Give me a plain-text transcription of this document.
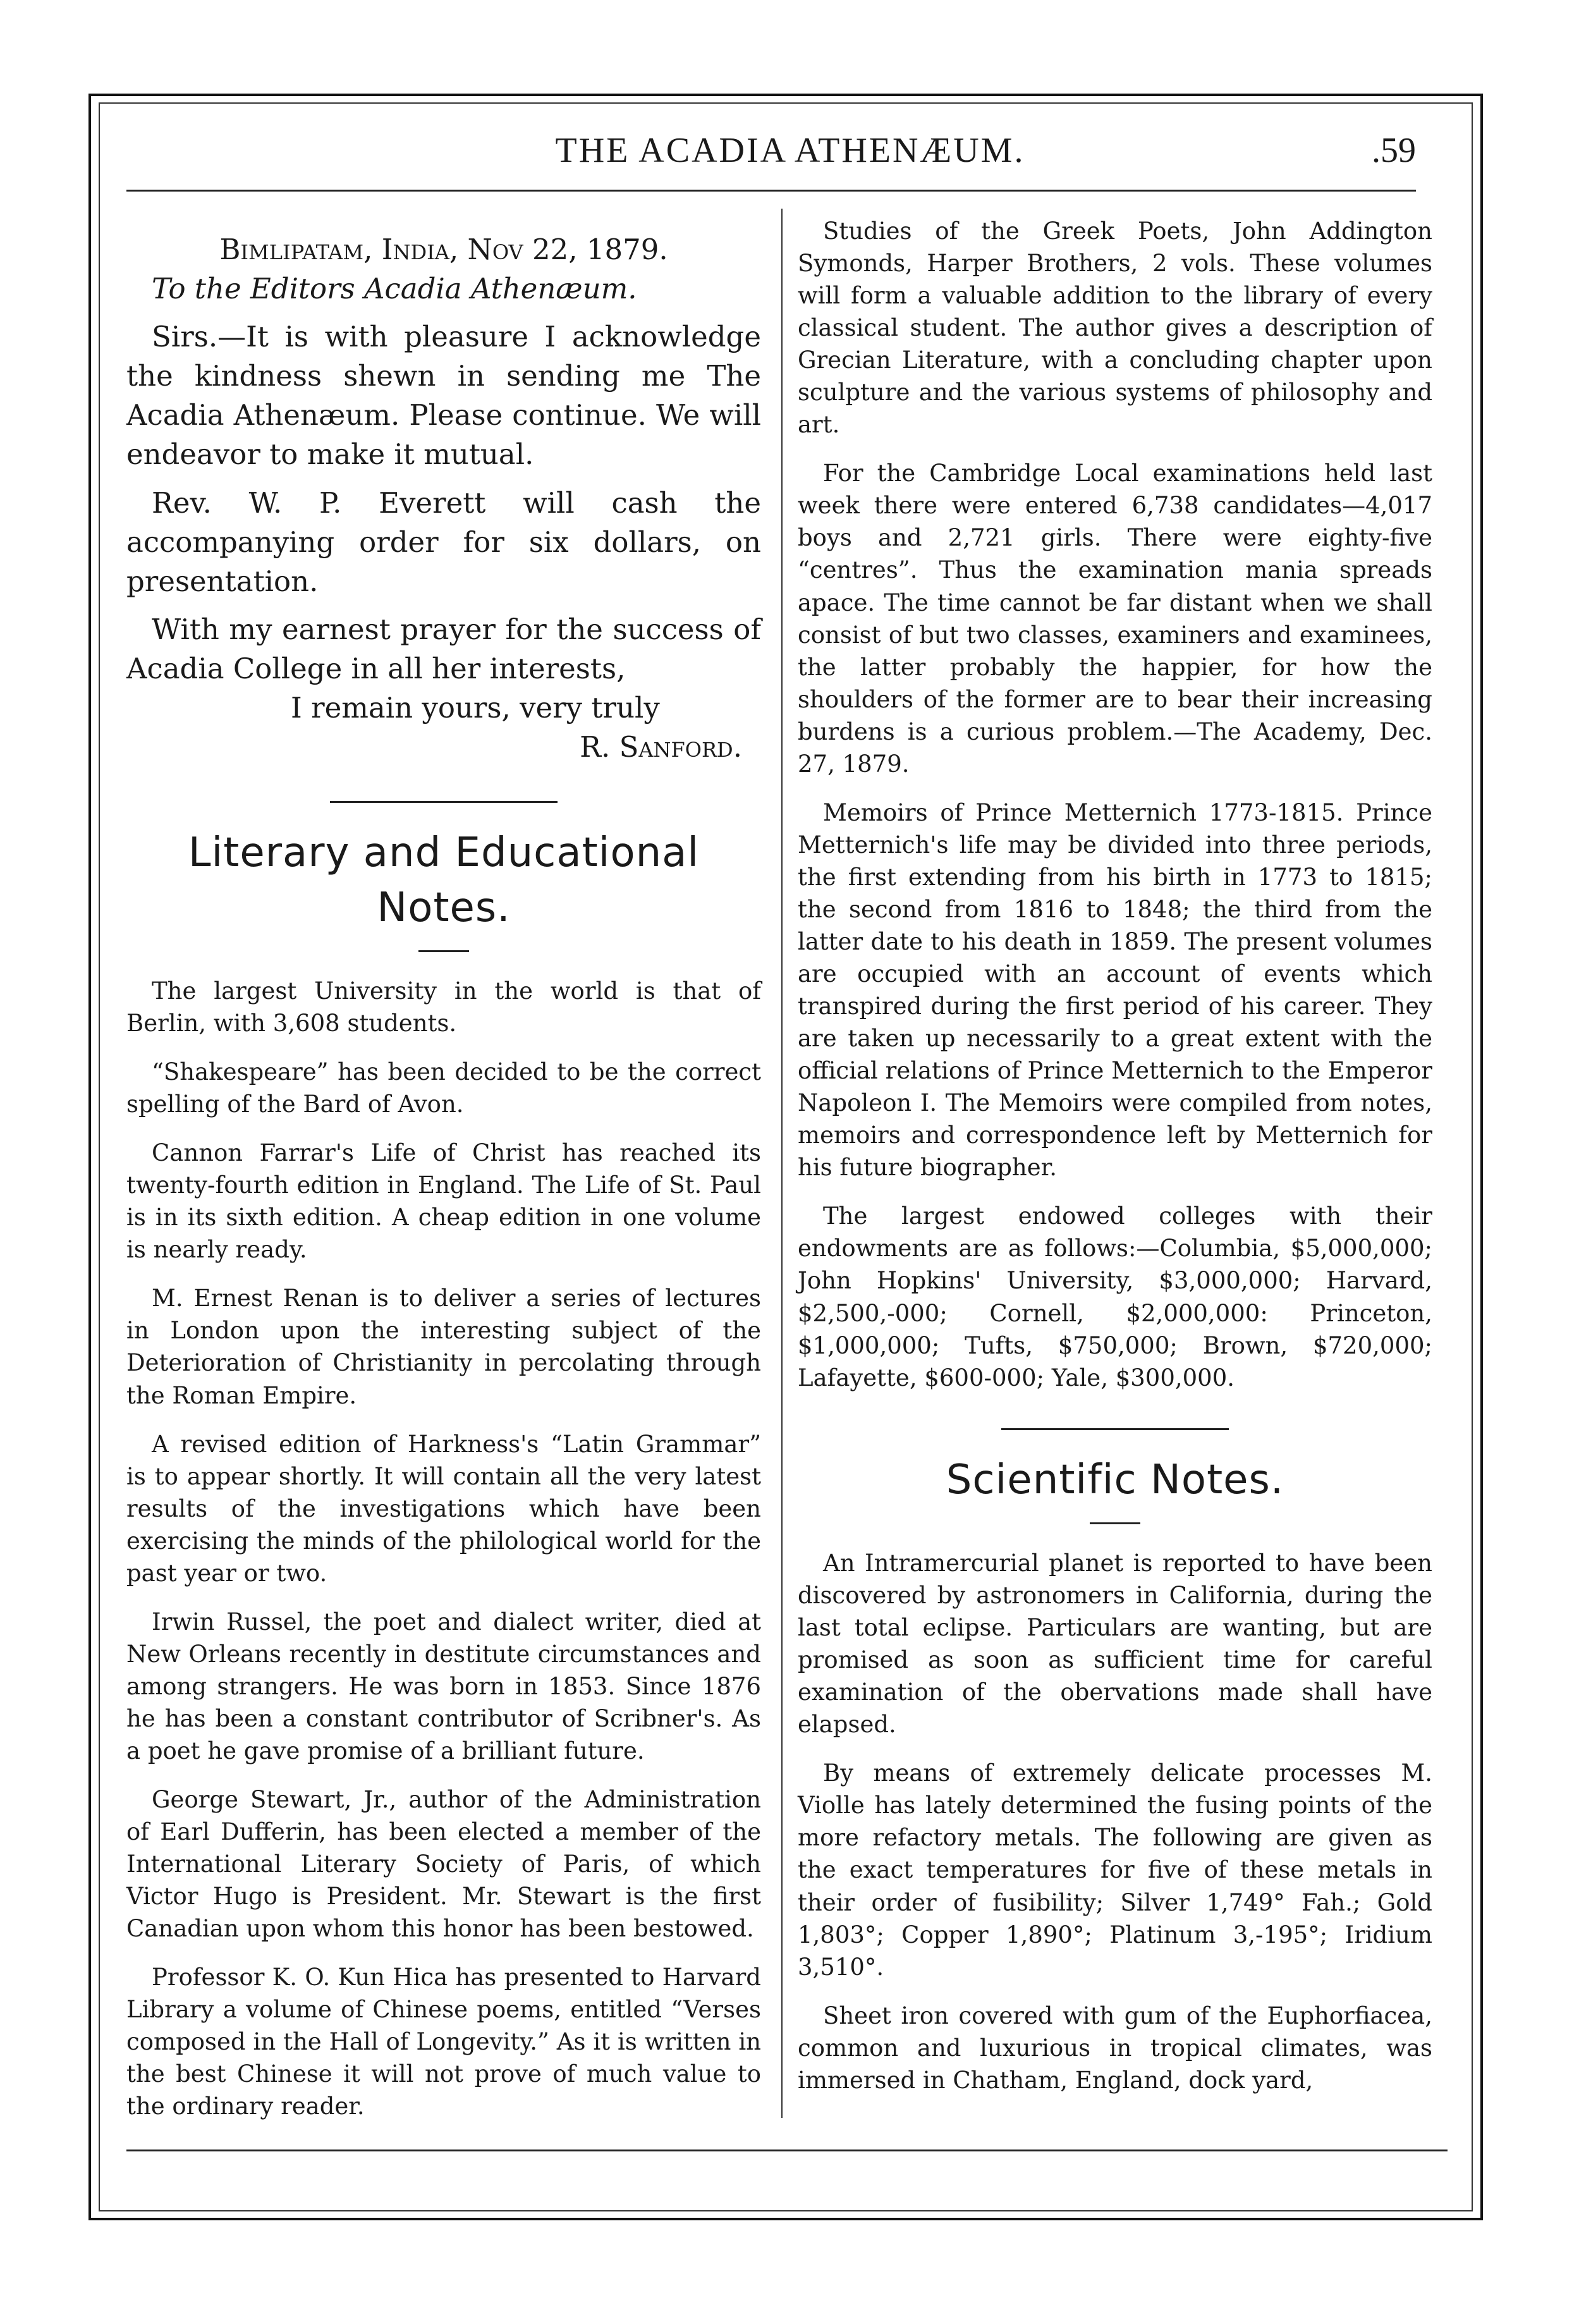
THE ACADIA ATHENÆUM.	.59

Bimlipatam, India, Nov 22, 1879.

To the Editors Acadia Athenæum.

Sirs.—It is with pleasure I acknowledge the kindness shewn in sending me The Acadia Athenæum. Please continue. We will endeavor to make it mutual.

Rev. W. P. Everett will cash the accompanying order for six dollars, on presentation.

With my earnest prayer for the success of Acadia College in all her interests,

I remain yours, very truly

R. Sanford.

Literary and Educational
Notes.

The largest University in the world is that of Berlin, with 3,608 students.

“Shakespeare” has been decided to be the correct spelling of the Bard of Avon.

Cannon Farrar's Life of Christ has reached its twenty-fourth edition in England. The Life of St. Paul is in its sixth edition. A cheap edition in one volume is nearly ready.

M. Ernest Renan is to deliver a series of lectures in London upon the interesting subject of the Deterioration of Christianity in percolating through the Roman Empire.

A revised edition of Harkness's “Latin Grammar” is to appear shortly. It will contain all the very latest results of the investigations which have been exercising the minds of the philological world for the past year or two.

Irwin Russel, the poet and dialect writer, died at New Orleans recently in destitute circumstances and among strangers. He was born in 1853. Since 1876 he has been a constant contributor of Scribner's. As a poet he gave promise of a brilliant future.

George Stewart, Jr., author of the Administration of Earl Dufferin, has been elected a member of the International Literary Society of Paris, of which Victor Hugo is President. Mr. Stewart is the first Canadian upon whom this honor has been bestowed.

Professor K. O. Kun Hica has presented to Harvard Library a volume of Chinese poems, entitled “Verses composed in the Hall of Longevity.” As it is written in the best Chinese it will not prove of much value to the ordinary reader.

Studies of the Greek Poets, John Addington Symonds, Harper Brothers, 2 vols. These volumes will form a valuable addition to the library of every classical student. The author gives a description of Grecian Literature, with a concluding chapter upon sculpture and the various systems of philosophy and art.

For the Cambridge Local examinations held last week there were entered 6,738 candidates—4,017 boys and 2,721 girls. There were eighty-five “centres”. Thus the examination mania spreads apace. The time cannot be far distant when we shall consist of but two classes, examiners and examinees, the latter probably the happier, for how the shoulders of the former are to bear their increasing burdens is a curious problem.—The Academy, Dec. 27, 1879.

Memoirs of Prince Metternich 1773-1815. Prince Metternich's life may be divided into three periods, the first extending from his birth in 1773 to 1815; the second from 1816 to 1848; the third from the latter date to his death in 1859. The present volumes are occupied with an account of events which transpired during the first period of his career. They are taken up necessarily to a great extent with the official relations of Prince Metternich to the Emperor Napoleon I. The Memoirs were compiled from notes, memoirs and correspondence left by Metternich for his future biographer.

The largest endowed colleges with their endowments are as follows:—Columbia, $5,000,000; John Hopkins' University, $3,000,000; Harvard, $2,500,-000; Cornell, $2,000,000: Princeton, $1,000,000; Tufts, $750,000; Brown, $720,000; Lafayette, $600-000; Yale, $300,000.

Scientific Notes.

An Intramercurial planet is reported to have been discovered by astronomers in California, during the last total eclipse. Particulars are wanting, but are promised as soon as sufficient time for careful examination of the obervations made shall have elapsed.

By means of extremely delicate processes M. Violle has lately determined the fusing points of the more refactory metals. The following are given as the exact temperatures for five of these metals in their order of fusibility; Silver 1,749° Fah.; Gold 1,803°; Copper 1,890°; Platinum 3,-195°; Iridium 3,510°.

Sheet iron covered with gum of the Euphorfiacea, common and luxurious in tropical climates, was immersed in Chatham, England, dock yard,
